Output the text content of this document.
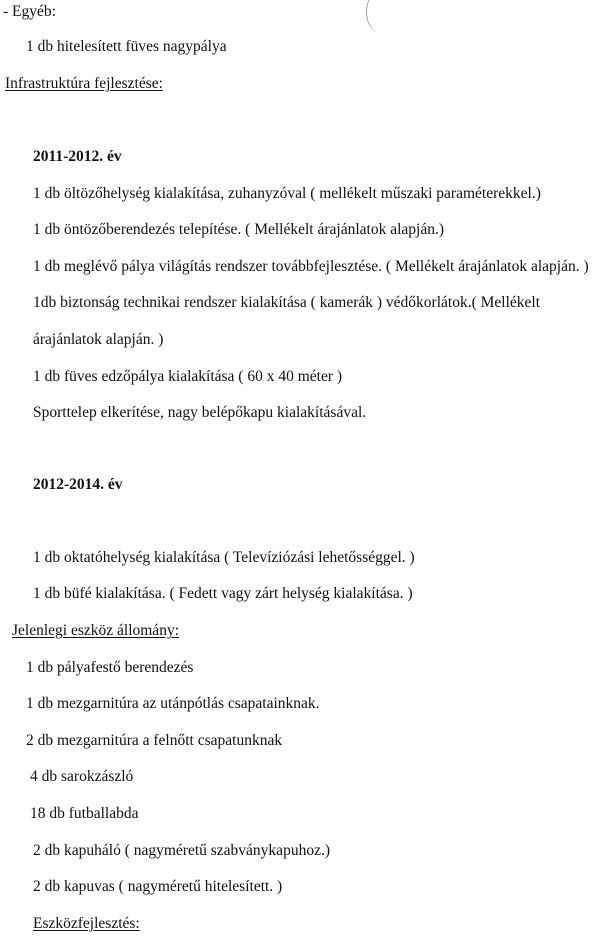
- Egyéb:
1 db hitelesített füves nagypálya
Infrastruktúra fejlesztése:
2011-2012. év
1 db öltözőhelység kialakítása, zuhanyzóval ( mellékelt műszaki paraméterekkel.)
1 db öntözőberendezés telepítése. ( Mellékelt árajánlatok alapján.)
1 db meglévő pálya világítás rendszer továbbfejlesztése. ( Mellékelt árajánlatok alapján. )
1db biztonság technikai rendszer kialakítása ( kamerák ) védőkorlátok.( Mellékelt
árajánlatok alapján. )
1 db füves edzőpálya kialakítása ( 60 x 40 méter )
Sporttelep elkerítése, nagy belépőkapu kialakításával.
2012-2014. év
1 db oktatóhelység kialakítása ( Televíziózási lehetősséggel. )
1 db büfé kialakítása. ( Fedett vagy zárt helység kialakítása. )
Jelenlegi eszköz állomány:
1 db pályafestő berendezés
1 db mezgarnitúra az utánpótlás csapatainknak.
2 db mezgarnitúra a felnőtt csapatunknak
4 db sarokzászló
18 db futballabda
2 db kapuháló ( nagyméretű szabványkapuhoz.)
2 db kapuvas ( nagyméretű hitelesített. )
Eszközfejlesztés:
